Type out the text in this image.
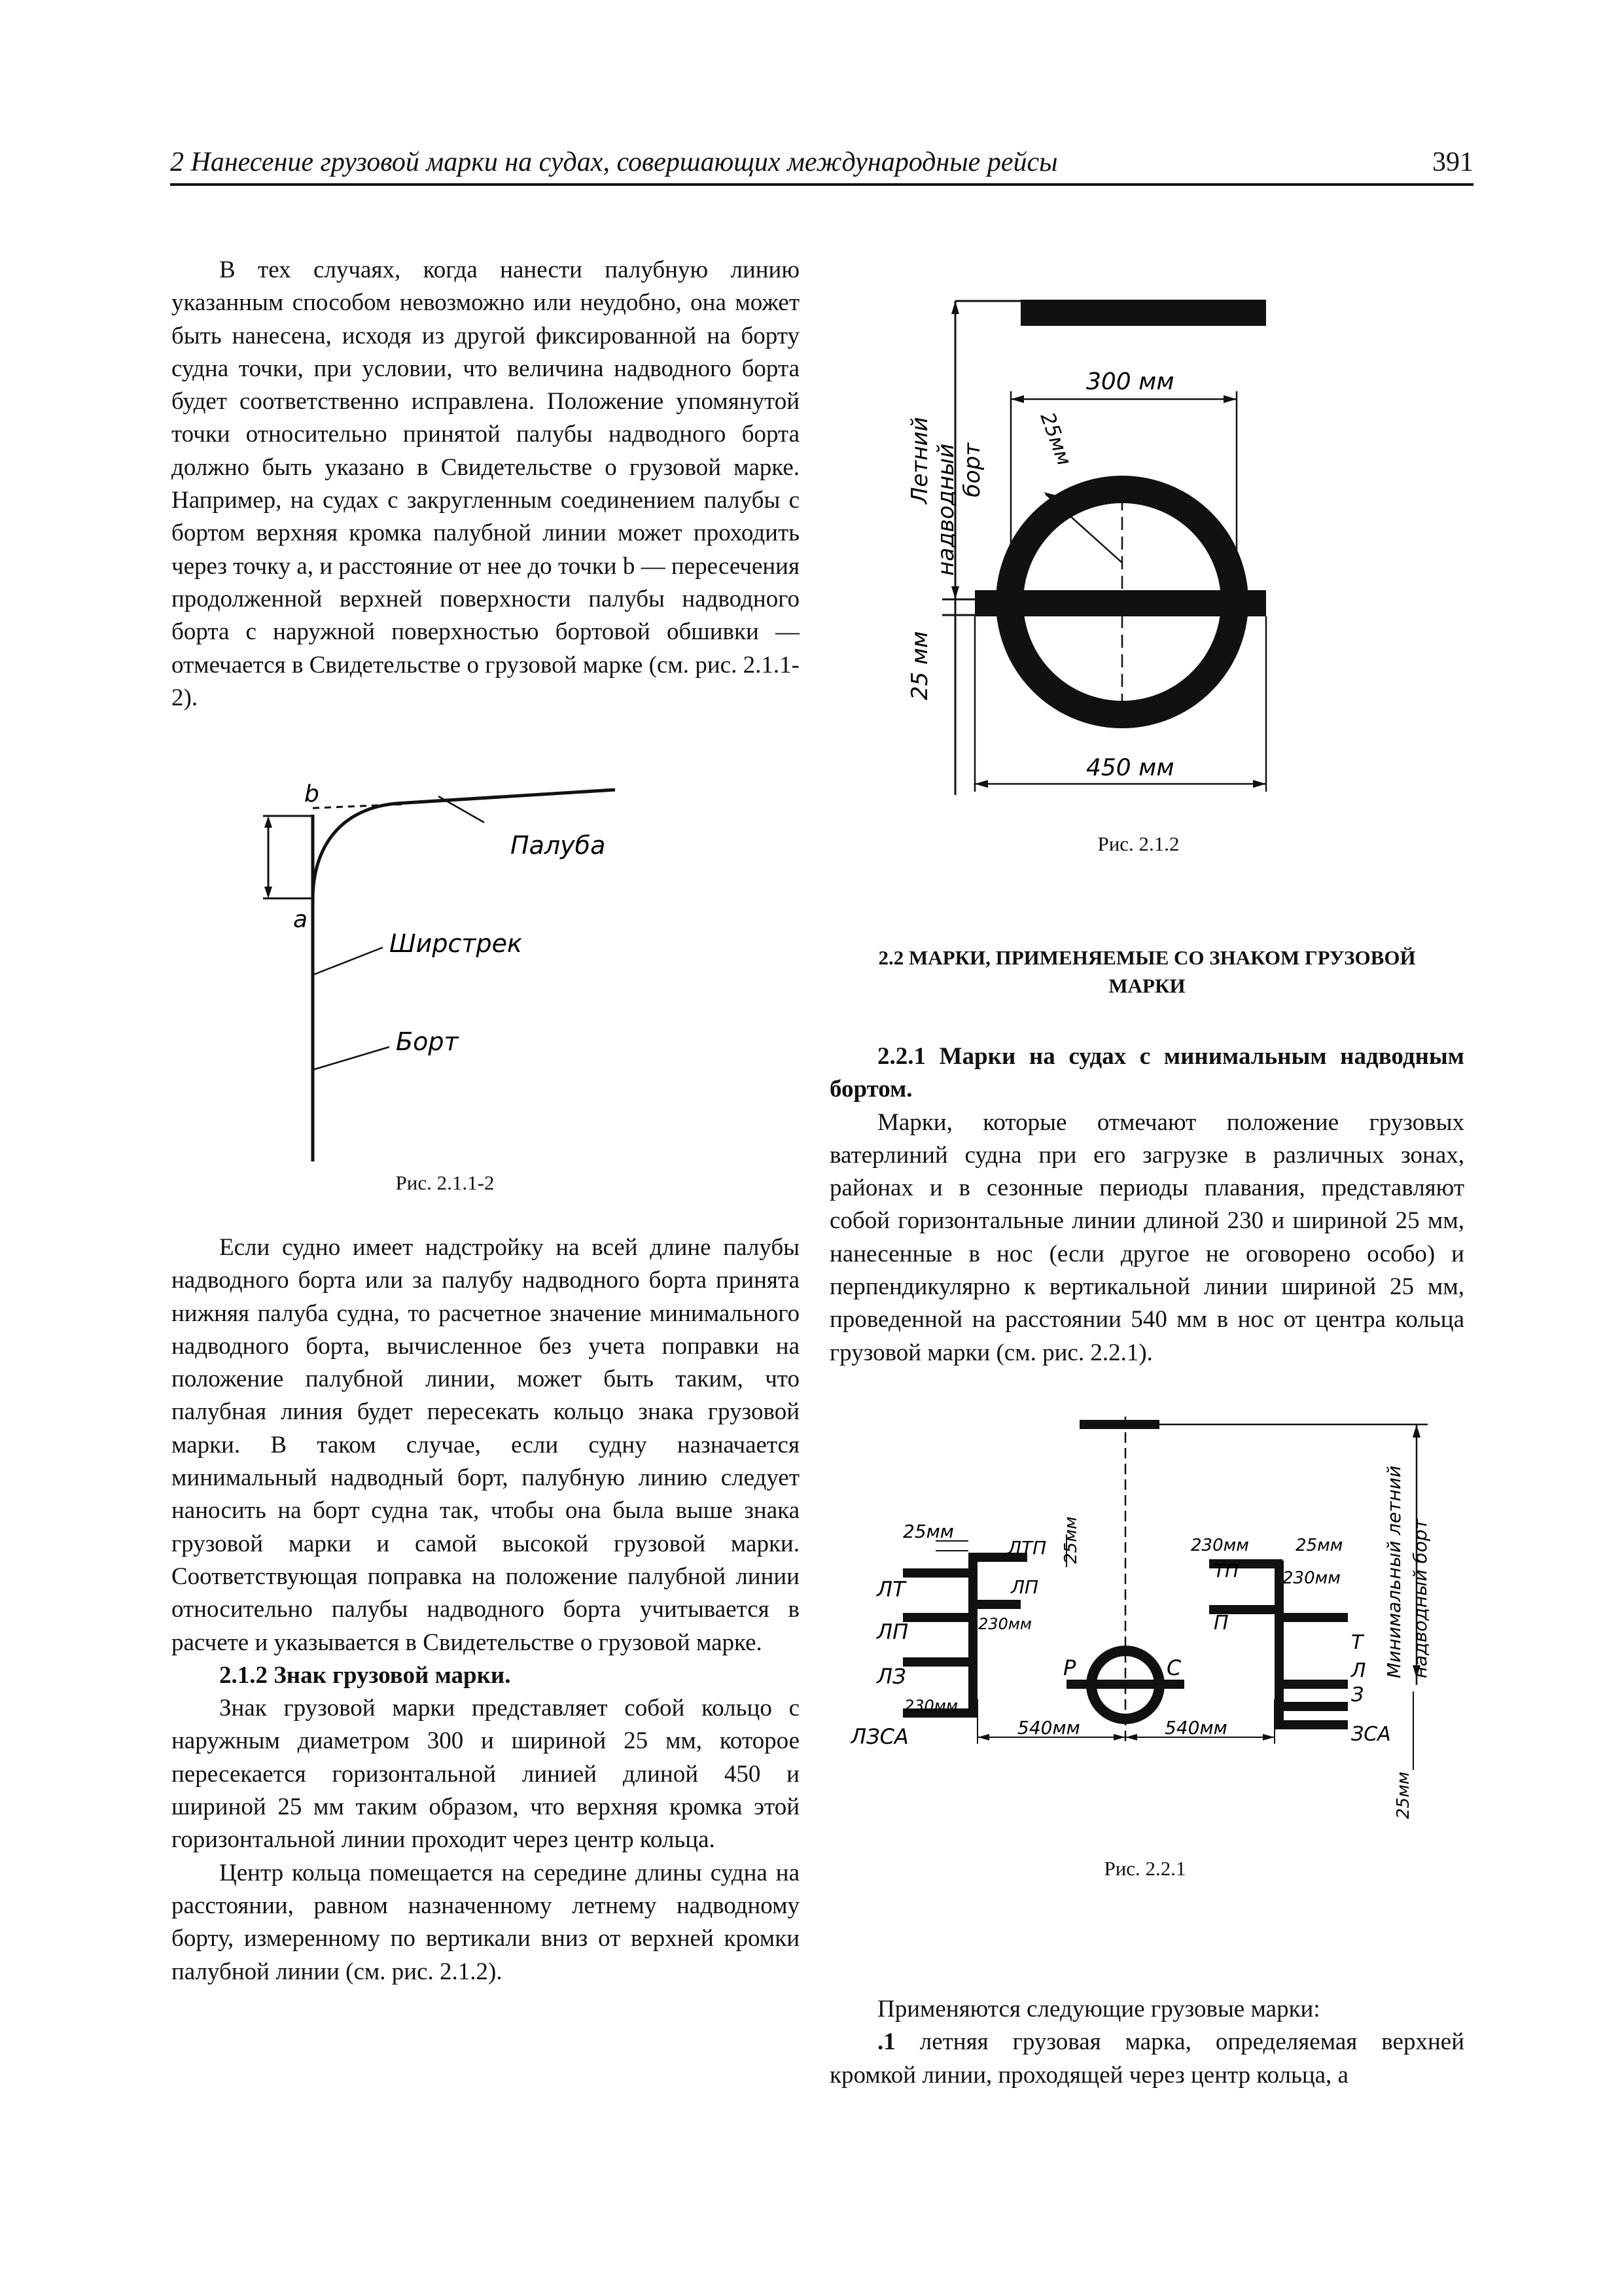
2 Нанесение грузовой марки на судах, совершающих международные рейсы	391

В тех случаях, когда нанести палубную линию указанным способом невозможно или неудобно, она может быть нанесена, исходя из другой фиксированной на борту судна точки, при условии, что величина надводного борта будет соответственно исправлена. Положение упомянутой точки относительно принятой палубы надводного борта должно быть указано в Свидетельстве о грузовой марке. Например, на судах с закругленным соединением палубы с бортом верхняя кромка палубной линии может проходить через точку a, и расстояние от нее до точки b — пересечения продолженной верхней поверхности палубы надводного борта с наружной поверхностью бортовой обшивки — отмечается в Свидетельстве о грузовой марке (см. рис. 2.1.1-2).

b
a
Палуба
Ширстрек
Борт
Рис. 2.1.1-2

Если судно имеет надстройку на всей длине палубы надводного борта или за палубу надводного борта принята нижняя палуба судна, то расчетное значение минимального надводного борта, вычисленное без учета поправки на положение палубной линии, может быть таким, что палубная линия будет пересекать кольцо знака грузовой марки. В таком случае, если судну назначается минимальный надводный борт, палубную линию следует наносить на борт судна так, чтобы она была выше знака грузовой марки и самой высокой грузовой марки. Соответствующая поправка на положение палубной линии относительно палубы надводного борта учитывается в расчете и указывается в Свидетельстве о грузовой марке.

2.1.2 Знак грузовой марки.

Знак грузовой марки представляет собой кольцо с наружным диаметром 300 и шириной 25 мм, которое пересекается горизонтальной линией длиной 450 и шириной 25 мм таким образом, что верхняя кромка этой горизонтальной линии проходит через центр кольца.

Центр кольца помещается на середине длины судна на расстоянии, равном назначенному летнему надводному борту, измеренному по вертикали вниз от верхней кромки палубной линии (см. рис. 2.1.2).

300 мм
25мм
450 мм
25 мм
Летний надводный борт
Рис. 2.1.2
2.2 МАРКИ, ПРИМЕНЯЕМЫЕ СО ЗНАКОМ ГРУЗОВОЙ
МАРКИ

2.2.1 Марки на судах с минимальным надводным бортом.

Марки, которые отмечают положение грузовых ватерлиний судна при его загрузке в различных зонах, районах и в сезонные периоды плавания, представляют собой горизонтальные линии длиной 230 и шириной 25 мм, нанесенные в нос (если другое не оговорено особо) и перпендикулярно к вертикальной линии шириной 25 мм, проведенной на расстоянии 540 мм в нос от центра кольца грузовой марки (см. рис. 2.2.1).

ЛТ
ЛП
ЛЗ
ЛЗСА
ЛТП
ЛП
ТП
П
Т
Л
З
ЗСА
Р	С
25мм	25мм	25мм
25мм
230мм
230мм
230мм
230мм
540мм	540мм
Минимальный летний надводный борт
Рис. 2.2.1

Применяются следующие грузовые марки:

.1 летняя грузовая марка, определяемая верхней кромкой линии, проходящей через центр кольца, а
